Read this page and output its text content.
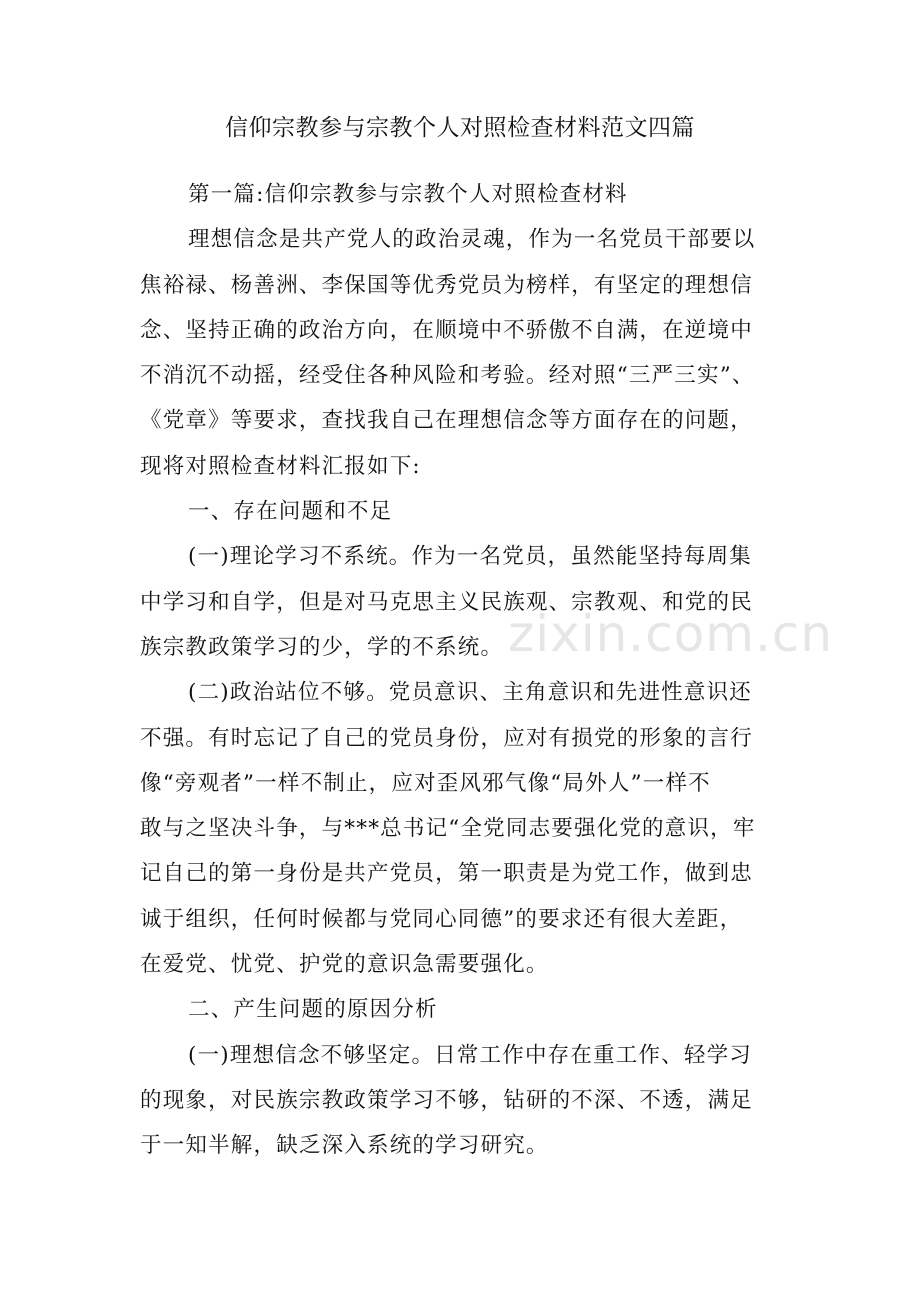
zixin.com.cn
信仰宗教参与宗教个人对照检查材料范文四篇
第一篇:信仰宗教参与宗教个人对照检查材料
理想信念是共产党人的政治灵魂，作为一名党员干部要以
焦裕禄、杨善洲、李保国等优秀党员为榜样，有坚定的理想信
念、坚持正确的政治方向，在顺境中不骄傲不自满，在逆境中
不消沉不动摇，经受住各种风险和考验。经对照“三严三实”、
《党章》等要求，查找我自己在理想信念等方面存在的问题，
现将对照检查材料汇报如下:
一、存在问题和不足
(一)理论学习不系统。作为一名党员，虽然能坚持每周集
中学习和自学，但是对马克思主义民族观、宗教观、和党的民
族宗教政策学习的少，学的不系统。
(二)政治站位不够。党员意识、主角意识和先进性意识还
不强。有时忘记了自己的党员身份，应对有损党的形象的言行
像“旁观者”一样不制止，应对歪风邪气像“局外人”一样不
敢与之坚决斗争，与***总书记“全党同志要强化党的意识，牢
记自己的第一身份是共产党员，第一职责是为党工作，做到忠
诚于组织，任何时候都与党同心同德”的要求还有很大差距，
在爱党、忧党、护党的意识急需要强化。
二、产生问题的原因分析
(一)理想信念不够坚定。日常工作中存在重工作、轻学习
的现象，对民族宗教政策学习不够，钻研的不深、不透，满足
于一知半解，缺乏深入系统的学习研究。
